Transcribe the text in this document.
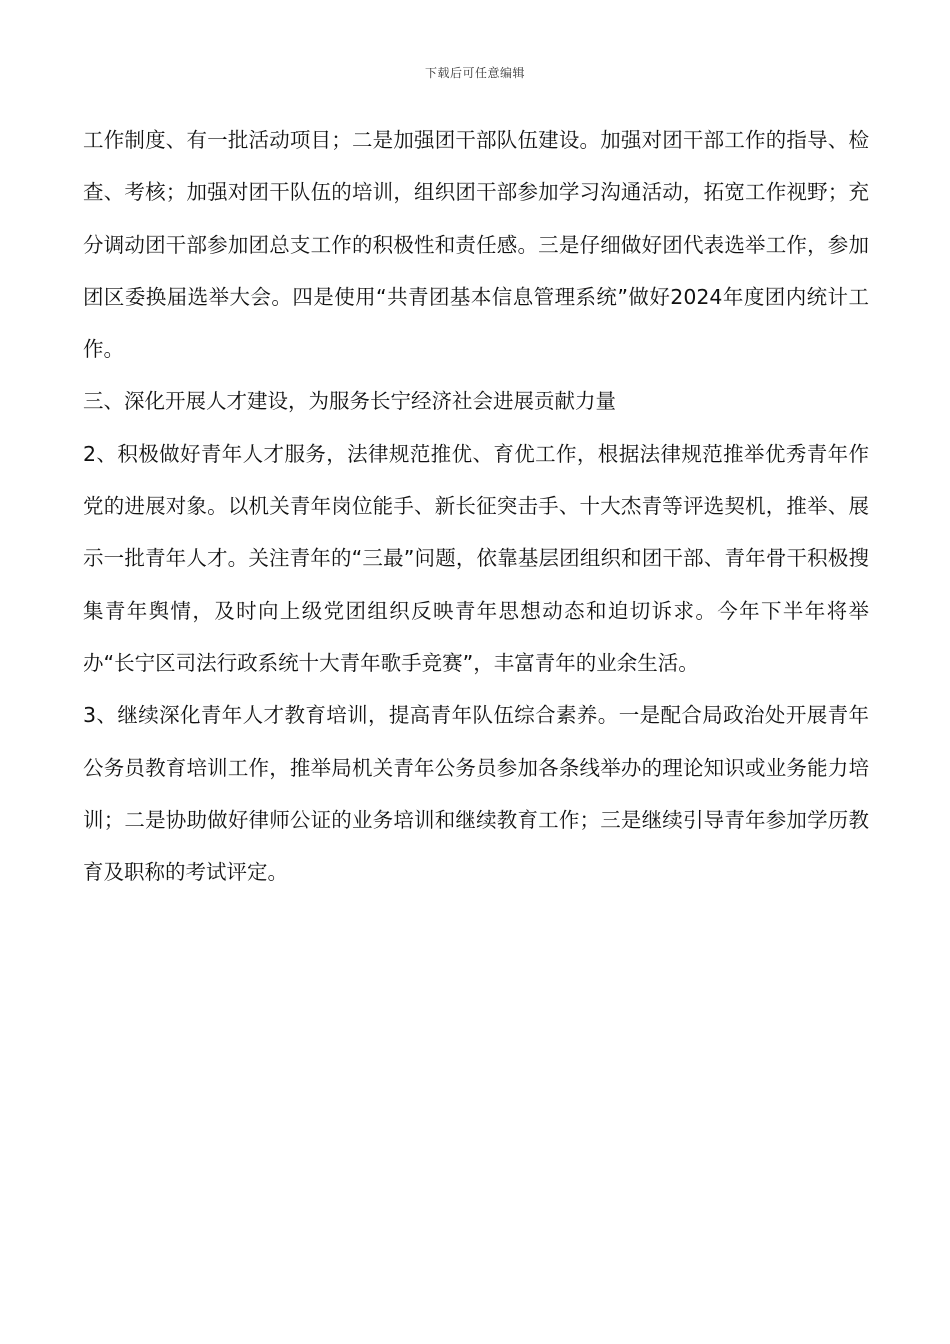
下载后可任意编辑

工作制度、有一批活动项目；二是加强团干部队伍建设。加强对团干部工作的指导、检查、考核；加强对团干队伍的培训，组织团干部参加学习沟通活动，拓宽工作视野；充分调动团干部参加团总支工作的积极性和责任感。三是仔细做好团代表选举工作，参加团区委换届选举大会。四是使用“共青团基本信息管理系统”做好2024年度团内统计工作。

三、深化开展人才建设，为服务长宁经济社会进展贡献力量

2、积极做好青年人才服务，法律规范推优、育优工作，根据法律规范推举优秀青年作党的进展对象。以机关青年岗位能手、新长征突击手、十大杰青等评选契机，推举、展示一批青年人才。关注青年的“三最”问题，依靠基层团组织和团干部、青年骨干积极搜集青年舆情，及时向上级党团组织反映青年思想动态和迫切诉求。今年下半年将举办“长宁区司法行政系统十大青年歌手竞赛”，丰富青年的业余生活。

3、继续深化青年人才教育培训，提高青年队伍综合素养。一是配合局政治处开展青年公务员教育培训工作，推举局机关青年公务员参加各条线举办的理论知识或业务能力培训；二是协助做好律师公证的业务培训和继续教育工作；三是继续引导青年参加学历教育及职称的考试评定。
